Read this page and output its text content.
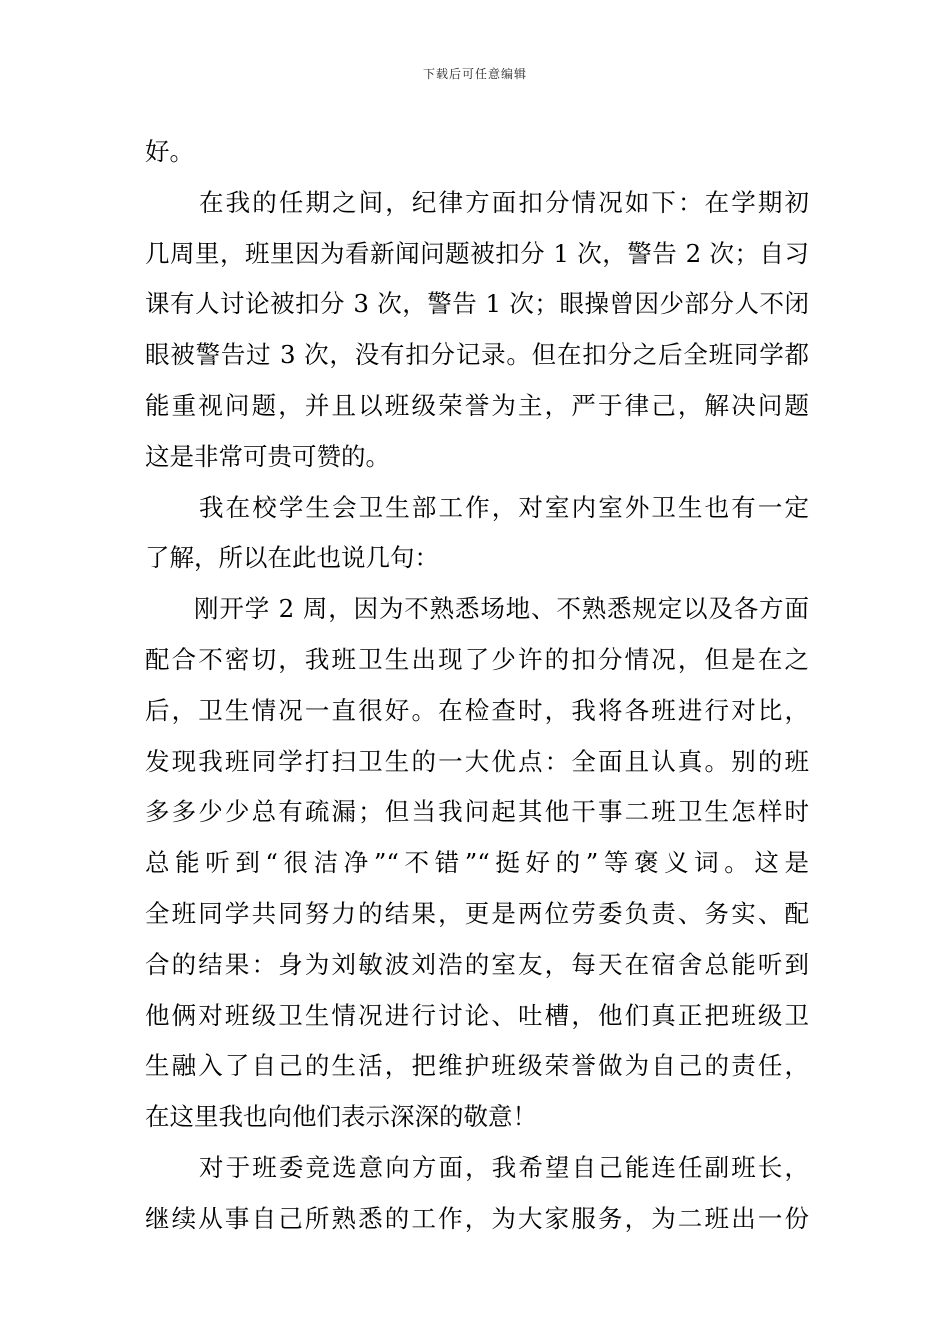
下载后可任意编辑
好。
在我的任期之间，纪律方面扣分情况如下：在学期初
几周里，班里因为看新闻问题被扣分 1 次，警告 2 次；自习
课有人讨论被扣分 3 次，警告 1 次；眼操曾因少部分人不闭
眼被警告过 3 次，没有扣分记录。但在扣分之后全班同学都
能重视问题，并且以班级荣誉为主，严于律己，解决问题
这是非常可贵可赞的。
我在校学生会卫生部工作，对室内室外卫生也有一定
了解，所以在此也说几句：
刚开学 2 周，因为不熟悉场地、不熟悉规定以及各方面
配合不密切，我班卫生出现了少许的扣分情况，但是在之
后，卫生情况一直很好。在检查时，我将各班进行对比，
发现我班同学打扫卫生的一大优点：全面且认真。别的班
多多少少总有疏漏；但当我问起其他干事二班卫生怎样时
总能听到“很洁净”“不错”“挺好的”等褒义词。这是
全班同学共同努力的结果，更是两位劳委负责、务实、配
合的结果：身为刘敏波刘浩的室友，每天在宿舍总能听到
他俩对班级卫生情况进行讨论、吐槽，他们真正把班级卫
生融入了自己的生活，把维护班级荣誉做为自己的责任，
在这里我也向他们表示深深的敬意！
对于班委竞选意向方面，我希望自己能连任副班长，
继续从事自己所熟悉的工作，为大家服务，为二班出一份
